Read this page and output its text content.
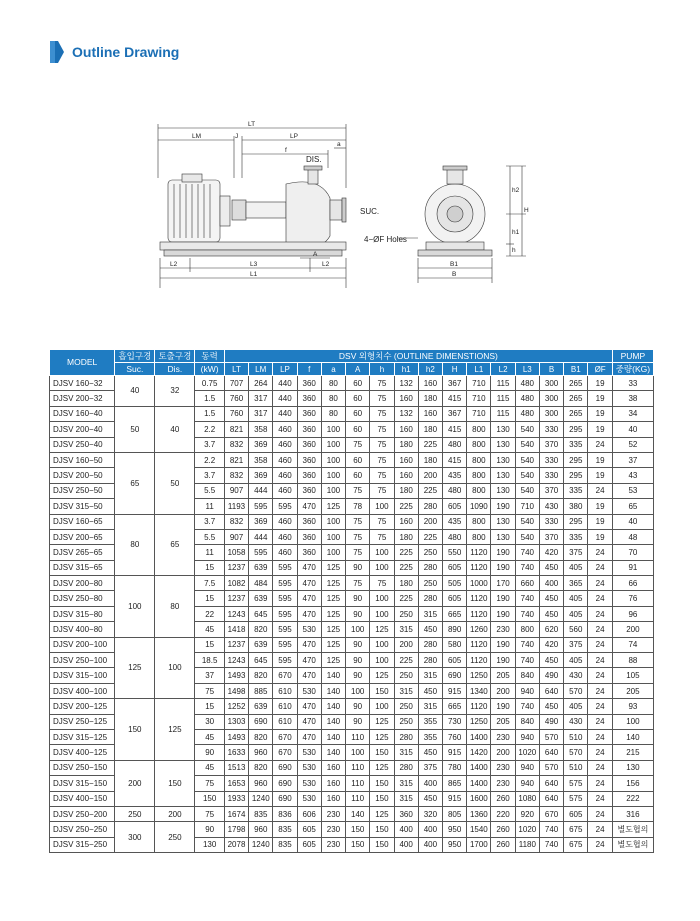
Outline Drawing
LT
LM	J	LP
f
a
DIS.
SUC.
A
L2	L3	L2
L1
h2
H
h1
h
4−ØF Holes
B1
B
MODEL	흡입구경	토출구경	동력	DSV 외형치수 (OUTLINE DIMENSTIONS)																PUMP
	Suc.	Dis.	(kW)	LT	LM	LP	f	a	A	h	h1	h2	H	L1	L2	L3	B	B1	ØF	중량(KG)
DJSV 160−32	40	32	0.75	707	264	440	360	80	60	75	132	160	367	710	115	480	300	265	19	33
DJSV 200−32			1.5	760	317	440	360	80	60	75	160	180	415	710	115	480	300	265	19	38
DJSV 160−40	50	40	1.5	760	317	440	360	80	60	75	132	160	367	710	115	480	300	265	19	34
DJSV 200−40			2.2	821	358	460	360	100	60	75	160	180	415	800	130	540	330	295	19	40
DJSV 250−40			3.7	832	369	460	360	100	75	75	180	225	480	800	130	540	370	335	24	52
DJSV 160−50	65	50	2.2	821	358	460	360	100	60	75	160	180	415	800	130	540	330	295	19	37
DJSV 200−50			3.7	832	369	460	360	100	60	75	160	200	435	800	130	540	330	295	19	43
DJSV 250−50			5.5	907	444	460	360	100	75	75	180	225	480	800	130	540	370	335	24	53
DJSV 315−50			11	1193	595	595	470	125	78	100	225	280	605	1090	190	710	430	380	19	65
DJSV 160−65	80	65	3.7	832	369	460	360	100	75	75	160	200	435	800	130	540	330	295	19	40
DJSV 200−65			5.5	907	444	460	360	100	75	75	180	225	480	800	130	540	370	335	19	48
DJSV 265−65			11	1058	595	460	360	100	75	100	225	250	550	1120	190	740	420	375	24	70
DJSV 315−65			15	1237	639	595	470	125	90	100	225	280	605	1120	190	740	450	405	24	91
DJSV 200−80	100	80	7.5	1082	484	595	470	125	75	75	180	250	505	1000	170	660	400	365	24	66
DJSV 250−80			15	1237	639	595	470	125	90	100	225	280	605	1120	190	740	450	405	24	76
DJSV 315−80			22	1243	645	595	470	125	90	100	250	315	665	1120	190	740	450	405	24	96
DJSV 400−80			45	1418	820	595	530	125	100	125	315	450	890	1260	230	800	620	560	24	200
DJSV 200−100	125	100	15	1237	639	595	470	125	90	100	200	280	580	1120	190	740	420	375	24	74
DJSV 250−100			18.5	1243	645	595	470	125	90	100	225	280	605	1120	190	740	450	405	24	88
DJSV 315−100			37	1493	820	670	470	140	90	125	250	315	690	1250	205	840	490	430	24	105
DJSV 400−100			75	1498	885	610	530	140	100	150	315	450	915	1340	200	940	640	570	24	205
DJSV 200−125	150	125	15	1252	639	610	470	140	90	100	250	315	665	1120	190	740	450	405	24	93
DJSV 250−125			30	1303	690	610	470	140	90	125	250	355	730	1250	205	840	490	430	24	100
DJSV 315−125			45	1493	820	670	470	140	110	125	280	355	760	1400	230	940	570	510	24	140
DJSV 400−125			90	1633	960	670	530	140	100	150	315	450	915	1420	200	1020	640	570	24	215
DJSV 250−150	200	150	45	1513	820	690	530	160	110	125	280	375	780	1400	230	940	570	510	24	130
DJSV 315−150			75	1653	960	690	530	160	110	150	315	400	865	1400	230	940	640	575	24	156
DJSV 400−150			150	1933	1240	690	530	160	110	150	315	450	915	1600	260	1080	640	575	24	222
DJSV 250−200	250	200	75	1674	835	836	606	230	140	125	360	320	805	1360	220	920	670	605	24	316
DJSV 250−250	300	250	90	1798	960	835	605	230	150	150	400	400	950	1540	260	1020	740	675	24	별도협의
DJSV 315−250			130	2078	1240	835	605	230	150	150	400	400	950	1700	260	1180	740	675	24	별도협의
